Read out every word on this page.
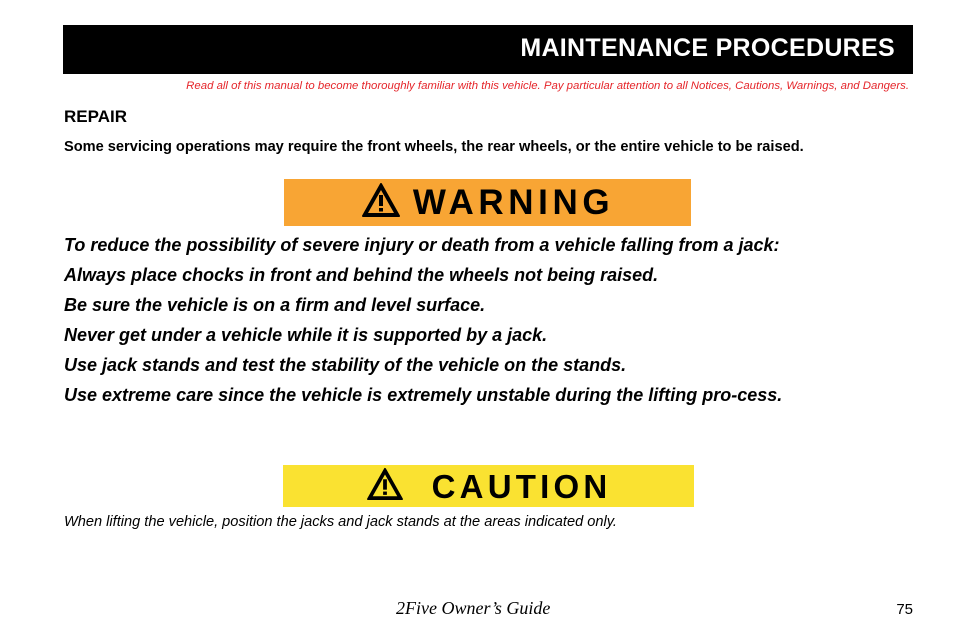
MAINTENANCE PROCEDURES
Read all of this manual to become thoroughly familiar with this vehicle. Pay particular attention to all Notices, Cautions, Warnings, and Dangers.
REPAIR
Some servicing operations may require the front wheels, the rear wheels, or the entire vehicle to be raised.
WARNING

To reduce the possibility of severe injury or death from a vehicle falling from a jack:

Always place chocks in front and behind the wheels not being raised.

Be sure the vehicle is on a firm and level surface.

Never get under a vehicle while it is supported by a jack.

Use jack stands and test the stability of the vehicle on the stands.

Use extreme care since the vehicle is extremely unstable during the lifting pro-cess.

CAUTION
When lifting the vehicle, position the jacks and jack stands at the areas indicated only.
2Five Owner’s Guide	75
